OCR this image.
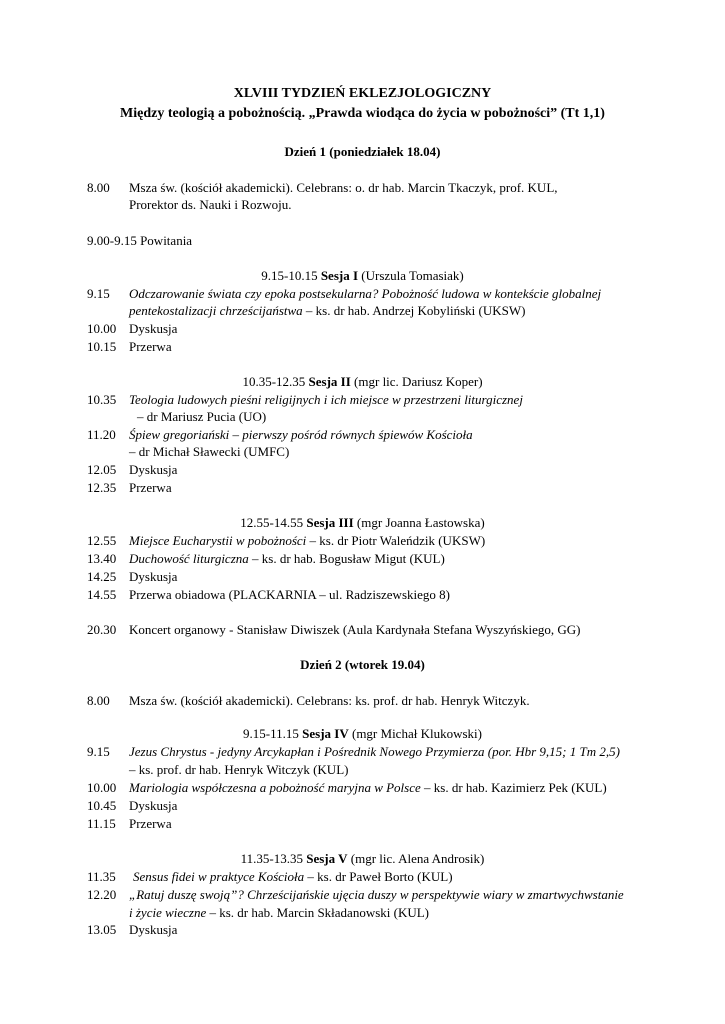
XLVIII TYDZIEŃ EKLEZJOLOGICZNY
Między teologią a pobożnością. „Prawda wiodąca do życia w pobożności” (Tt 1,1)
Dzień 1 (poniedziałek 18.04)
8.00 Msza św. (kościół akademicki). Celebrans: o. dr hab. Marcin Tkaczyk, prof. KUL,
Prorektor ds. Nauki i Rozwoju.
9.00-9.15 Powitania
9.15-10.15 Sesja I (Urszula Tomasiak)
9.15 Odczarowanie świata czy epoka postsekularna? Pobożność ludowa w kontekście globalnej
pentekostalizacji chrześcijaństwa – ks. dr hab. Andrzej Kobyliński (UKSW)
10.00 Dyskusja
10.15 Przerwa
10.35-12.35 Sesja II (mgr lic. Dariusz Koper)
10.35 Teologia ludowych pieśni religijnych i ich miejsce w przestrzeni liturgicznej
– dr Mariusz Pucia (UO)
11.20 Śpiew gregoriański – pierwszy pośród równych śpiewów Kościoła
– dr Michał Sławecki (UMFC)
12.05 Dyskusja
12.35 Przerwa
12.55-14.55 Sesja III (mgr Joanna Łastowska)
12.55 Miejsce Eucharystii w pobożności – ks. dr Piotr Waleńdzik (UKSW)
13.40 Duchowość liturgiczna – ks. dr hab. Bogusław Migut (KUL)
14.25 Dyskusja
14.55 Przerwa obiadowa (PLACKARNIA – ul. Radziszewskiego 8)
20.30 Koncert organowy - Stanisław Diwiszek (Aula Kardynała Stefana Wyszyńskiego, GG)
Dzień 2 (wtorek 19.04)
8.00 Msza św. (kościół akademicki). Celebrans: ks. prof. dr hab. Henryk Witczyk.
9.15-11.15 Sesja IV (mgr Michał Klukowski)
9.15 Jezus Chrystus - jedyny Arcykapłan i Pośrednik Nowego Przymierza (por. Hbr 9,15; 1 Tm 2,5)
– ks. prof. dr hab. Henryk Witczyk (KUL)
10.00 Mariologia współczesna a pobożność maryjna w Polsce – ks. dr hab. Kazimierz Pek (KUL)
10.45 Dyskusja
11.15 Przerwa
11.35-13.35 Sesja V (mgr lic. Alena Androsik)
11.35 Sensus fidei w praktyce Kościoła – ks. dr Paweł Borto (KUL)
12.20 „Ratuj duszę swoją”? Chrześcijańskie ujęcia duszy w perspektywie wiary w zmartwychwstanie
i życie wieczne – ks. dr hab. Marcin Składanowski (KUL)
13.05 Dyskusja
